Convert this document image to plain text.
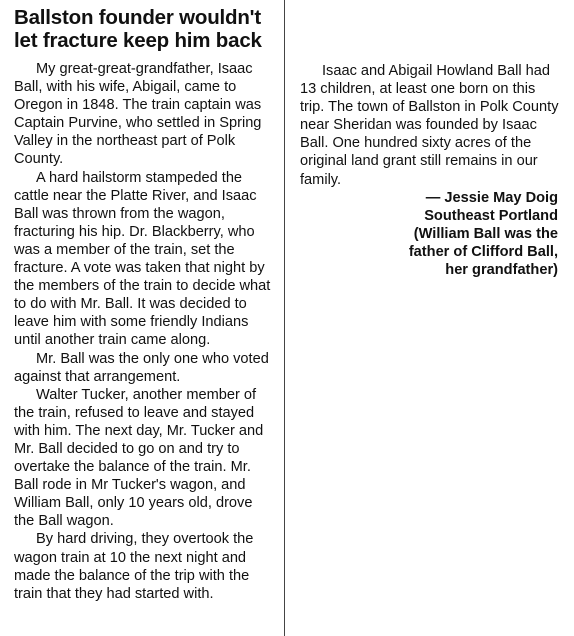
Ballston founder wouldn't
let fracture keep him back

My great-great-grandfather, Isaac Ball, with his wife, Abigail, came to Oregon in 1848. The train captain was Captain Purvine, who settled in Spring Valley in the northeast part of Polk County.

A hard hailstorm stampeded the cattle near the Platte River, and Isaac Ball was thrown from the wagon, fracturing his hip. Dr. Blackberry, who was a member of the train, set the fracture. A vote was taken that night by the members of the train to decide what to do with Mr. Ball. It was decided to leave him with some friendly Indians until another train came along.

Mr. Ball was the only one who voted against that arrangement.

Walter Tucker, another member of the train, refused to leave and stayed with him. The next day, Mr. Tucker and Mr. Ball decided to go on and try to overtake the balance of the train. Mr. Ball rode in Mr Tucker's wagon, and William Ball, only 10 years old, drove the Ball wagon.

By hard driving, they overtook the wagon train at 10 the next night and made the balance of the trip with the train that they had started with.

Isaac and Abigail Howland Ball had 13 children, at least one born on this trip. The town of Ballston in Polk County near Sheridan was founded by Isaac Ball. One hundred sixty acres of the original land grant still remains in our family.

— Jessie May Doig
Southeast Portland
(William Ball was the
father of Clifford Ball,
her grandfather)
